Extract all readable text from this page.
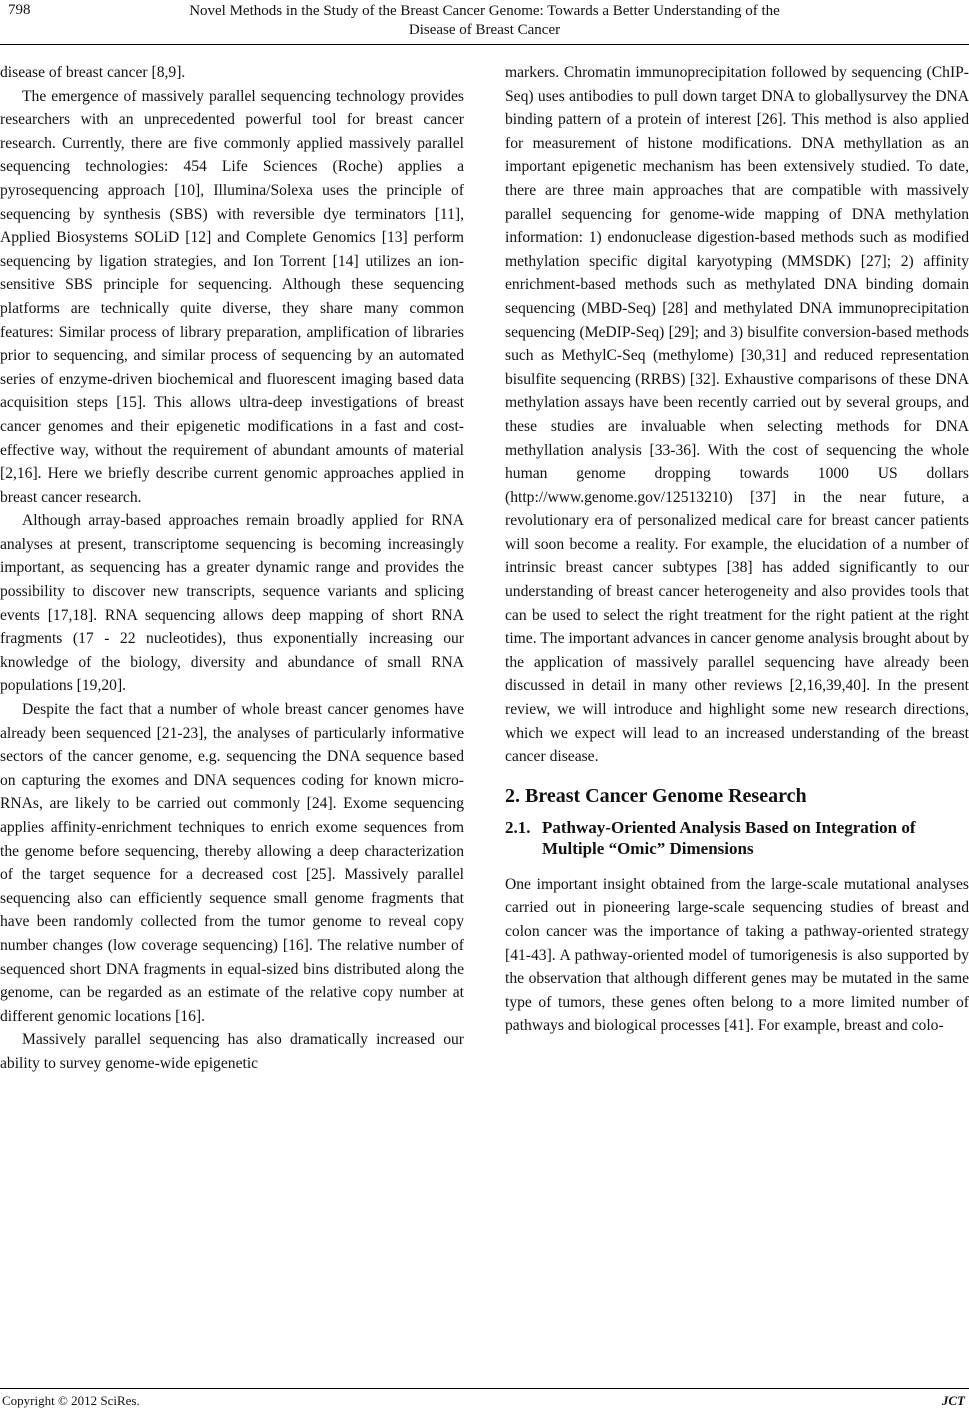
798	Novel Methods in the Study of the Breast Cancer Genome: Towards a Better Understanding of the
Disease of Breast Cancer

disease of breast cancer [8,9].

The emergence of massively parallel sequencing technology provides researchers with an unprecedented powerful tool for breast cancer research. Currently, there are five commonly applied massively parallel sequencing technologies: 454 Life Sciences (Roche) applies a pyrosequencing approach [10], Illumina/Solexa uses the principle of sequencing by synthesis (SBS) with reversible dye terminators [11], Applied Biosystems SOLiD [12] and Complete Genomics [13] perform sequencing by ligation strategies, and Ion Torrent [14] utilizes an ion-sensitive SBS principle for sequencing. Although these sequencing platforms are technically quite diverse, they share many common features: Similar process of library preparation, amplification of libraries prior to sequencing, and similar process of sequencing by an automated series of enzyme-driven biochemical and fluorescent imaging based data acquisition steps [15]. This allows ultra-deep investigations of breast cancer genomes and their epigenetic modifications in a fast and cost-effective way, without the requirement of abundant amounts of material [2,16]. Here we briefly describe current genomic approaches applied in breast cancer research.

Although array-based approaches remain broadly applied for RNA analyses at present, transcriptome sequencing is becoming increasingly important, as sequencing has a greater dynamic range and provides the possibility to discover new transcripts, sequence variants and splicing events [17,18]. RNA sequencing allows deep mapping of short RNA fragments (17 - 22 nucleotides), thus exponentially increasing our knowledge of the biology, diversity and abundance of small RNA populations [19,20].

Despite the fact that a number of whole breast cancer genomes have already been sequenced [21-23], the analyses of particularly informative sectors of the cancer genome, e.g. sequencing the DNA sequence based on capturing the exomes and DNA sequences coding for known micro-RNAs, are likely to be carried out commonly [24]. Exome sequencing applies affinity-enrichment techniques to enrich exome sequences from the genome before sequencing, thereby allowing a deep characterization of the target sequence for a decreased cost [25]. Massively parallel sequencing also can efficiently sequence small genome fragments that have been randomly collected from the tumor genome to reveal copy number changes (low coverage sequencing) [16]. The relative number of sequenced short DNA fragments in equal-sized bins distributed along the genome, can be regarded as an estimate of the relative copy number at different genomic locations [16].

Massively parallel sequencing has also dramatically increased our ability to survey genome-wide epigenetic

markers. Chromatin immunoprecipitation followed by sequencing (ChIP-Seq) uses antibodies to pull down target DNA to globallysurvey the DNA binding pattern of a protein of interest [26]. This method is also applied for measurement of histone modifications. DNA methyllation as an important epigenetic mechanism has been extensively studied. To date, there are three main approaches that are compatible with massively parallel sequencing for genome-wide mapping of DNA methylation information: 1) endonuclease digestion-based methods such as modified methylation specific digital karyotyping (MMSDK) [27]; 2) affinity enrichment-based methods such as methylated DNA binding domain sequencing (MBD-Seq) [28] and methylated DNA immunoprecipitation sequencing (MeDIP-Seq) [29]; and 3) bisulfite conversion-based methods such as MethylC-Seq (methylome) [30,31] and reduced representation bisulfite sequencing (RRBS) [32]. Exhaustive comparisons of these DNA methylation assays have been recently carried out by several groups, and these studies are invaluable when selecting methods for DNA methyllation analysis [33-36]. With the cost of sequencing the whole human genome dropping towards 1000 US dollars (http://www.genome.gov/12513210) [37] in the near future, a revolutionary era of personalized medical care for breast cancer patients will soon become a reality. For example, the elucidation of a number of intrinsic breast cancer subtypes [38] has added significantly to our understanding of breast cancer heterogeneity and also provides tools that can be used to select the right treatment for the right patient at the right time. The important advances in cancer genome analysis brought about by the application of massively parallel sequencing have already been discussed in detail in many other reviews [2,16,39,40]. In the present review, we will introduce and highlight some new research directions, which we expect will lead to an increased understanding of the breast cancer disease.

2. Breast Cancer Genome Research
2.1. Pathway-Oriented Analysis Based on Integration of Multiple “Omic” Dimensions

One important insight obtained from the large-scale mutational analyses carried out in pioneering large-scale sequencing studies of breast and colon cancer was the importance of taking a pathway-oriented strategy [41-43]. A pathway-oriented model of tumorigenesis is also supported by the observation that although different genes may be mutated in the same type of tumors, these genes often belong to a more limited number of pathways and biological processes [41]. For example, breast and colo-

Copyright © 2012 SciRes.	JCT
